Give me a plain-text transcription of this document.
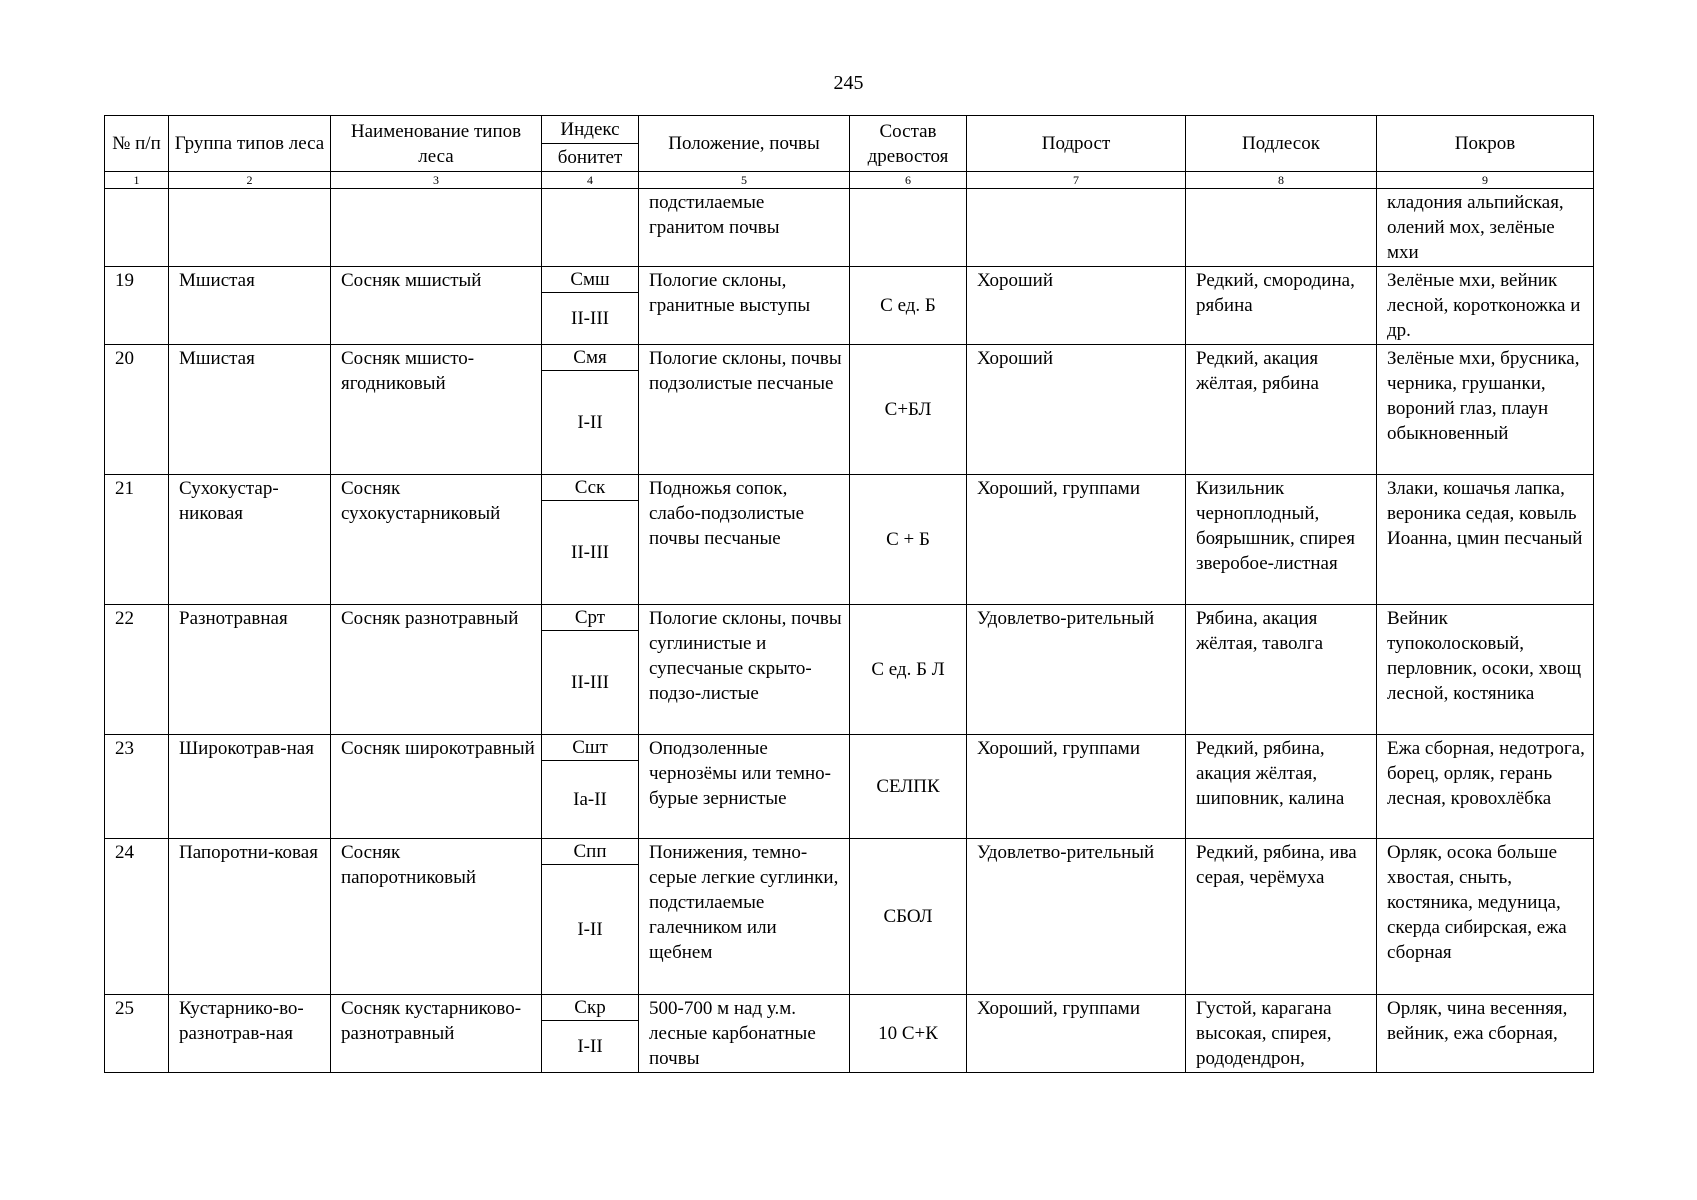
245
№ п/п	Группа типов леса	Наименование типов леса	Индекс	Положение, почвы	Состав древостоя	Подрост	Подлесок	Покров
			бонитет					
1	2	3	4	5	6	7	8	9
				подстилаемые гранитом почвы				кладония альпийская, олений мох, зелёные мхи
19	Мшистая	Сосняк мшистый	Смш	Пологие склоны, гранитные выступы	С ед. Б	Хороший	Редкий, смородина, рябина	Зелёные мхи, вейник лесной, коротконожка и др.
			II-III					
20	Мшистая	Сосняк мшисто-ягодниковый	Смя	Пологие склоны, почвы подзолистые песчаные	С+БЛ	Хороший	Редкий, акация жёлтая, рябина	Зелёные мхи, брусника, черника, грушанки, вороний глаз, плаун обыкновенный
			I-II					
21	Сухокустар-никовая	Сосняк сухокустарниковый	Сск	Подножья сопок, слабо-подзолистые почвы песчаные	С + Б	Хороший, группами	Кизильник черноплодный, боярышник, спирея зверобое-листная	Злаки, кошачья лапка, вероника седая, ковыль Иоанна, цмин песчаный
			II-III					
22	Разнотравная	Сосняк разнотравный	Срт	Пологие склоны, почвы суглинистые и супесчаные скрыто-подзо-листые	С ед. Б Л	Удовлетво-рительный	Рябина, акация жёлтая, таволга	Вейник тупоколосковый, перловник, осоки, хвощ лесной, костяника
			II-III					
23	Широкотрав-ная	Сосняк широкотравный	Сшт	Оподзоленные чернозёмы или темно-бурые зернистые	СЕЛПК	Хороший, группами	Редкий, рябина, акация жёлтая, шиповник, калина	Ежа сборная, недотрога, борец, орляк, герань лесная, кровохлёбка
			Ia-II					
24	Папоротни-ковая	Сосняк папоротниковый	Спп	Понижения, темно-серые легкие суглинки, подстилаемые галечником или щебнем	СБОЛ	Удовлетво-рительный	Редкий, рябина, ива серая, черёмуха	Орляк, осока больше хвостая, сныть, костяника, медуница, скерда сибирская, ежа сборная
			I-II					
25	Кустарнико-во-разнотрав-ная	Сосняк кустарниково-разнотравный	Скр	500-700 м над у.м. лесные карбонатные почвы	10 С+К	Хороший, группами	Густой, карагана высокая, спирея, рододендрон,	Орляк, чина весенняя, вейник, ежа сборная,
			I-II					
